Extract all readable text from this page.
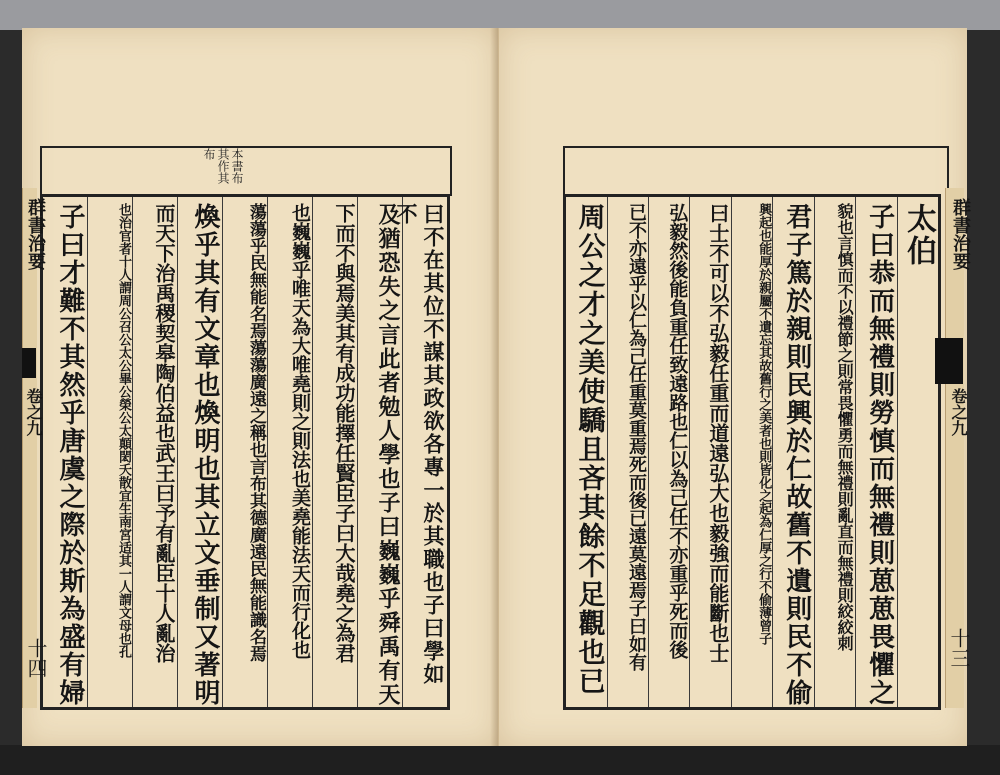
本書布其作其布
曰不在其位不謀其政欲各專一於其職也子曰學如不
及猶恐失之言此者勉人學也子曰巍巍乎舜禹有天
下而不與焉美其有成功能擇任賢臣子曰大哉堯之為君
也巍巍乎唯天為大唯堯則之則法也美堯能法天而行化也
蕩蕩乎民無能名焉蕩蕩廣遠之稱也言布其德廣遠民無能識名焉
煥乎其有文章也煥明也其立文垂制又著明
而天下治禹稷契皋陶伯益也武王曰予有亂臣十人亂治
也治官者十人謂周公召公太公畢公榮公太顛閎夭散宜生南宮适其一人謂文母也孔
子曰才難不其然乎唐虞之際於斯為盛有婦
群書治要
卷之九
十四
太伯
子曰恭而無禮則勞慎而無禮則葸葸畏懼之
貌也言慎而不以禮節之則常畏懼勇而無禮則亂直而無禮則絞絞刺
君子篤於親則民興於仁故舊不遺則民不偷
興起也能厚於親屬不遺忘其故舊行之美者也則皆化之起為仁厚之行不偷薄曾子
曰士不可以不弘毅任重而道遠弘大也毅強而能斷也士
弘毅然後能負重任致遠路也仁以為己任不亦重乎死而後
已不亦遠乎以仁為己任重莫重焉死而後已遠莫遠焉子曰如有
周公之才之美使驕且吝其餘不足觀也已	群書治要
卷之九
十三
